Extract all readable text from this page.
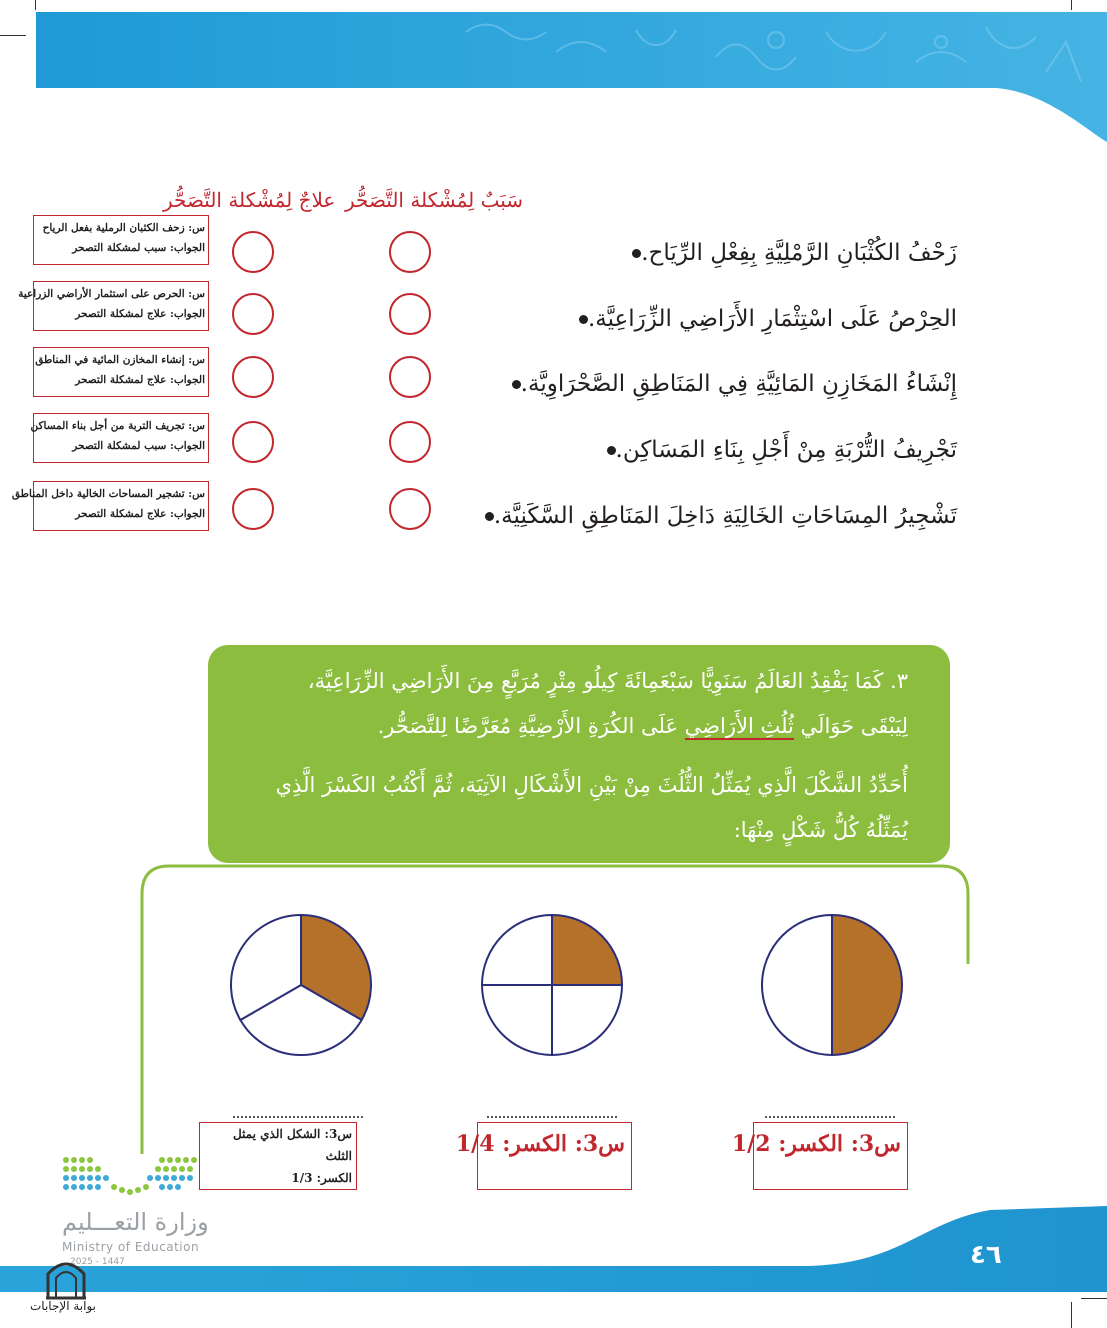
سَبَبٌ لِمُشْكلة التَّصَحُّر
علاجٌ لِمُشْكلة التَّصَحُّر
زَحْفُ الكُثْبَانِ الرَّمْلِيَّةِ بِفِعْلِ الرِّيَاح.
الحِرْصُ عَلَى اسْتِثْمَارِ الأَرَاضِي الزِّرَاعِيَّة.
إِنْشَاءُ المَخَازِنِ المَائِيَّةِ فِي المَنَاطِقِ الصَّحْرَاوِيَّة.
تَجْرِيفُ التُّرْبَةِ مِنْ أَجْلِ بِنَاءِ المَسَاكِن.
تَشْجِيرُ المِسَاحَاتِ الخَالِيَةِ دَاخِلَ المَنَاطِقِ السَّكَنِيَّة.
س: زحف الكثبان الرملية بفعل الرياح
الجواب: سبب لمشكلة التصحر
س: الحرص على استثمار الأراضي الزراعية
الجواب: علاج لمشكلة التصحر
س: إنشاء المخازن المائية في المناطق
الجواب: علاج لمشكلة التصحر
س: تجريف التربة من أجل بناء المساكن
الجواب: سبب لمشكلة التصحر
س: تشجير المساحات الخالية داخل المناطق
الجواب: علاج لمشكلة التصحر
٣. كَمَا يَفْقِدُ العَالَمُ سَنَوِيًّا سَبْعَمِائَةَ كِيلُو مِتْرٍ مُرَبَّعٍ مِنَ الأَرَاضِي الزِّرَاعِيَّة،
لِيَبْقَى حَوَالَي ثُلُثِ الأَرَاضِي عَلَى الكُرَةِ الأَرْضِيَّةِ مُعَرَّضًا لِلتَّصَحُّر.
أُحَدِّدُ الشَّكْلَ الَّذِي يُمَثِّلُ الثُّلُثَ مِنْ بَيْنِ الأَشْكَالِ الآتِيَة، ثُمَّ أَكْتُبُ الكَسْرَ الَّذِي
يُمَثِّلُهُ كُلُّ شَكْلٍ مِنْهَا:
س3: الشكل الذي يمثل
الثلث
الكسر: 1/3
س3: الكسر: 1/4	س3: الكسر: 1/2
وزارة التعـــليم
Ministry of Education
2025 - 1447	٤٦
بوابة الإجابات
